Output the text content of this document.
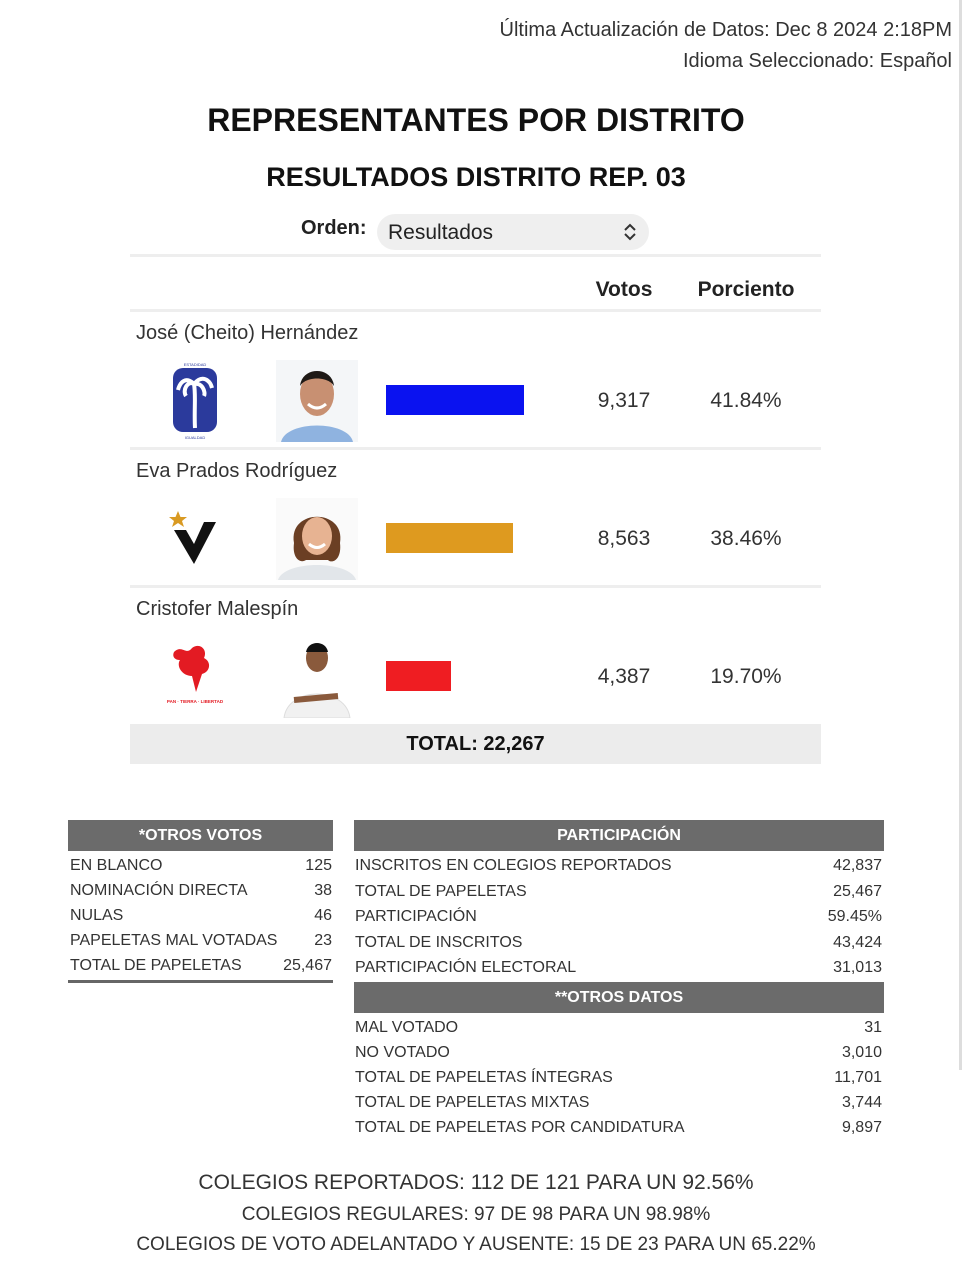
Última Actualización de Datos: Dec 8 2024 2:18PM
Idioma Seleccionado: Español
REPRESENTANTES POR DISTRITO
RESULTADOS DISTRITO REP. 03
Orden: Resultados
Votos	Porciento
José (Cheito) Hernández
ESTADIDAD
IGUALDAD
9,317	41.84%
Eva Prados Rodríguez
8,563	38.46%
Cristofer Malespín
PAN · TIERRA · LIBERTAD
4,387	19.70%
TOTAL: 22,267
*OTROS VOTOS
EN BLANCO	125
NOMINACIÓN DIRECTA	38
NULAS	46
PAPELETAS MAL VOTADAS 23
TOTAL DE PAPELETAS	25,467
PARTICIPACIÓN
INSCRITOS EN COLEGIOS REPORTADOS	42,837
TOTAL DE PAPELETAS	25,467
PARTICIPACIÓN	59.45%
TOTAL DE INSCRITOS	43,424
PARTICIPACIÓN ELECTORAL	31,013
**OTROS DATOS
MAL VOTADO	31
NO VOTADO	3,010
TOTAL DE PAPELETAS ÍNTEGRAS	11,701
TOTAL DE PAPELETAS MIXTAS	3,744
TOTAL DE PAPELETAS POR CANDIDATURA	9,897
COLEGIOS REPORTADOS: 112 DE 121 PARA UN 92.56%
COLEGIOS REGULARES: 97 DE 98 PARA UN 98.98%
COLEGIOS DE VOTO ADELANTADO Y AUSENTE: 15 DE 23 PARA UN 65.22%
